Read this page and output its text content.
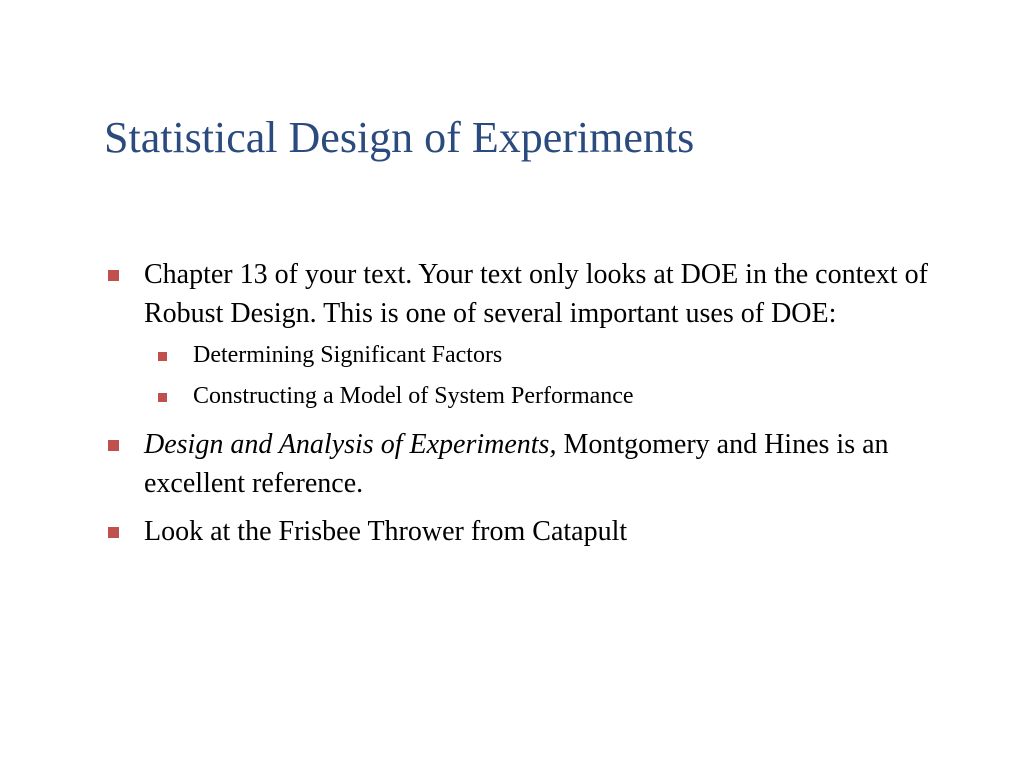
Statistical Design of Experiments
Chapter 13 of your text. Your text only looks at DOE in the context of Robust Design. This is one of several important uses of DOE:
Determining Significant Factors
Constructing a Model of System Performance
Design and Analysis of Experiments, Montgomery and Hines is an excellent reference.
Look at the Frisbee Thrower from Catapult
